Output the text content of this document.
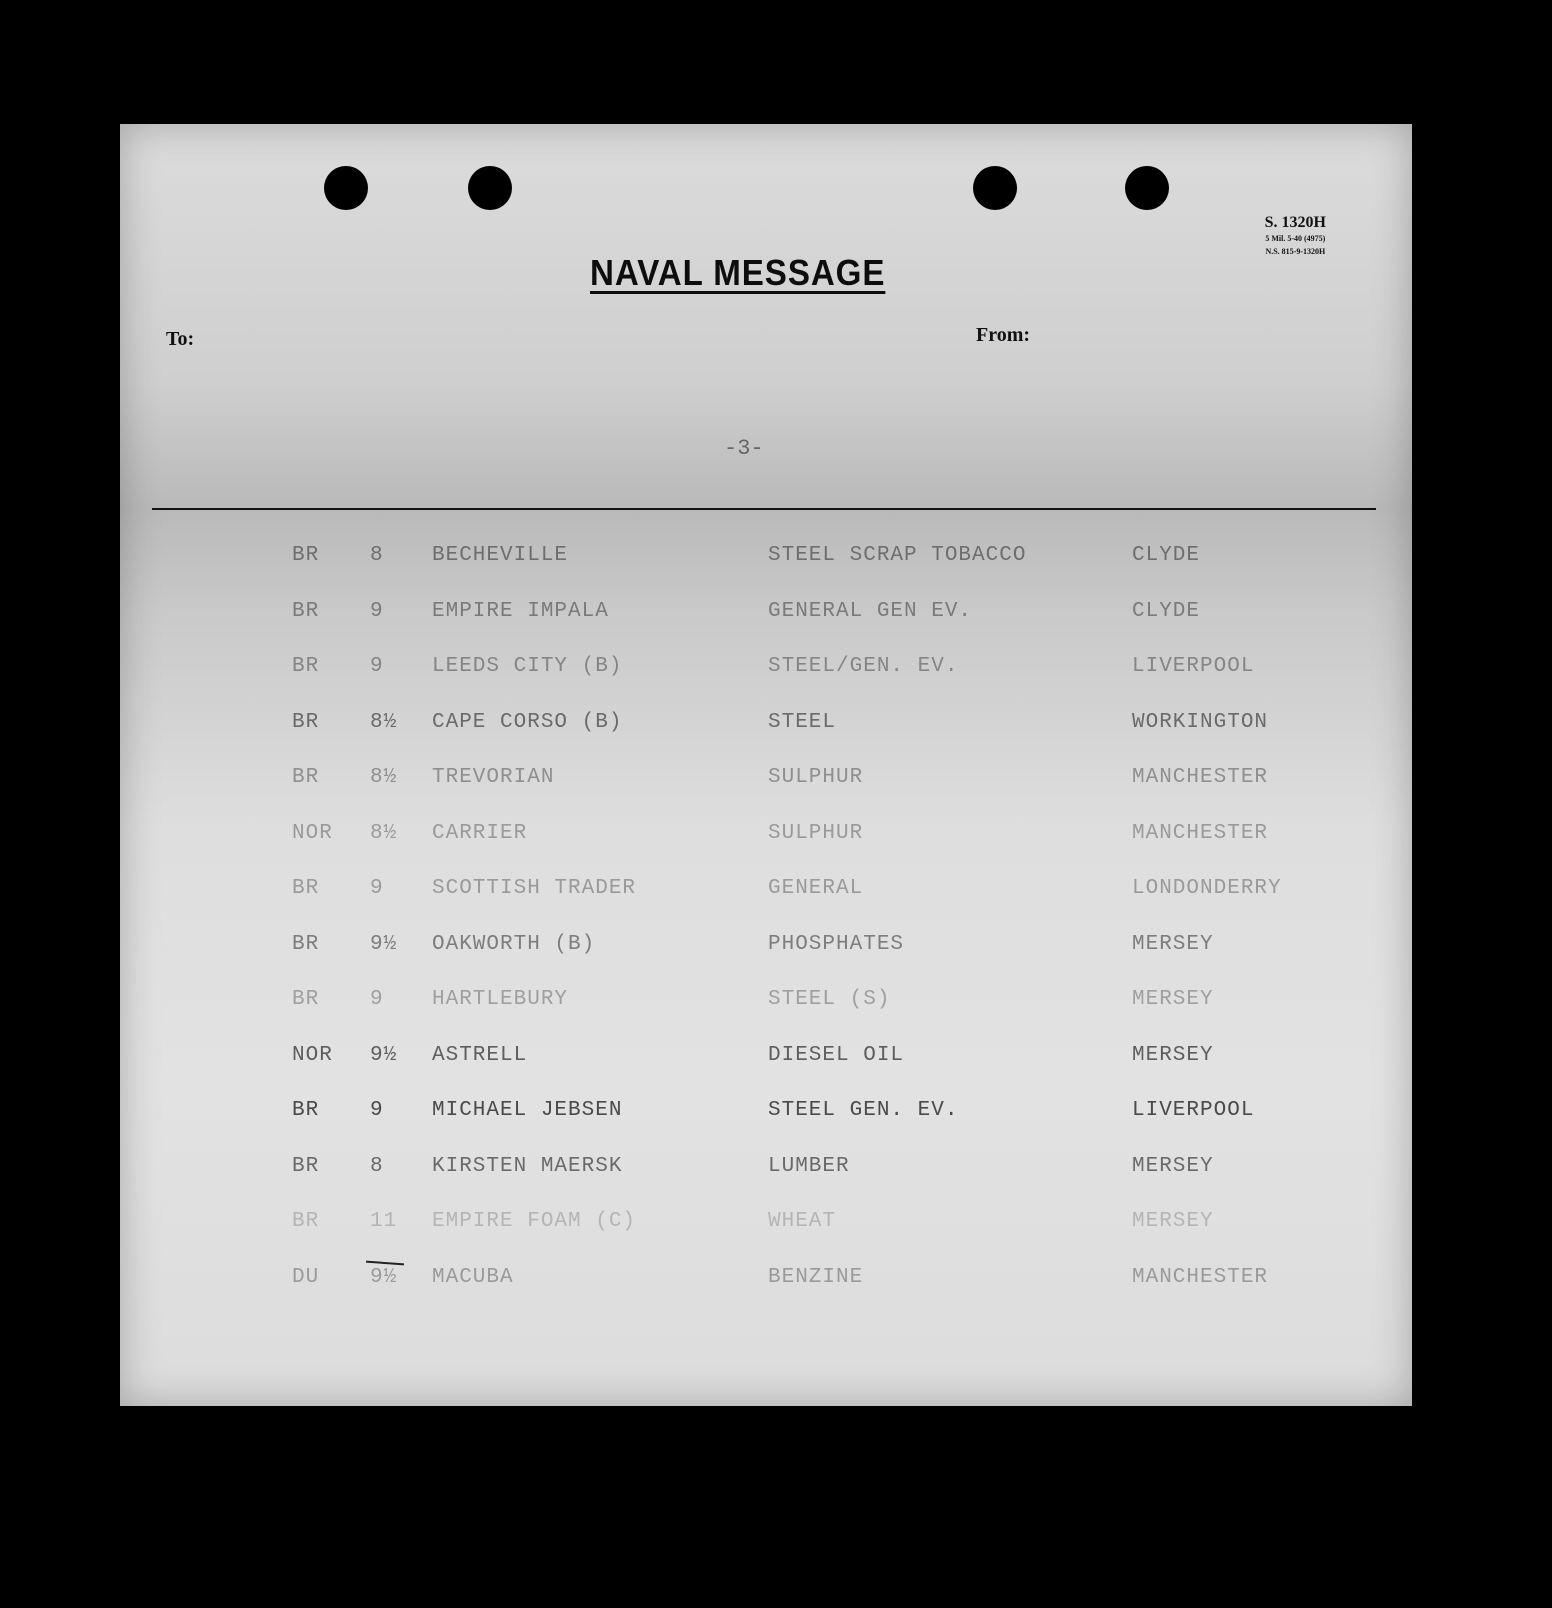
S. 1320H
5 Mil. 5-40 (4975)
N.S. 815-9-1320H
NAVAL MESSAGE
To:	From:
-3-
BR 8 BECHEVILLE	STEEL SCRAP TOBACCO	CLYDE
BR 9 EMPIRE IMPALA	GENERAL GEN EV.	CLYDE
BR 9 LEEDS CITY (B)	STEEL/GEN. EV.	LIVERPOOL
BR 8½ CAPE CORSO (B)	STEEL	WORKINGTON
BR 8½ TREVORIAN	SULPHUR	MANCHESTER
NOR 8½ CARRIER	SULPHUR	MANCHESTER
BR 9 SCOTTISH TRADER	GENERAL	LONDONDERRY
BR 9½ OAKWORTH (B)	PHOSPHATES	MERSEY
BR 9 HARTLEBURY	STEEL (S)	MERSEY
NOR 9½ ASTRELL	DIESEL OIL	MERSEY
BR 9 MICHAEL JEBSEN	STEEL GEN. EV.	LIVERPOOL
BR 8 KIRSTEN MAERSK	LUMBER	MERSEY
BR 11 EMPIRE FOAM (C)	WHEAT	MERSEY
DU 9½ MACUBA	BENZINE	MANCHESTER
